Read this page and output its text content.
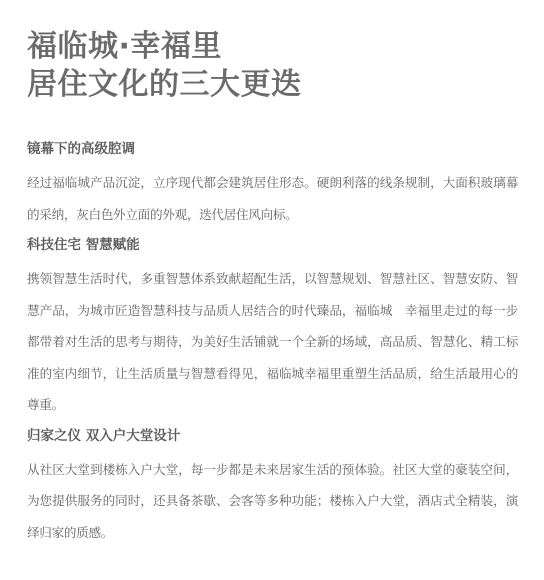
福临城·幸福里
居住文化的三大更迭
镜幕下的高级腔调
经过福临城产品沉淀，立序现代都会建筑居住形态。硬朗利落的线条规制，大面积玻璃幕的采纳，灰白色外立面的外观，迭代居住风向标。
科技住宅 智慧赋能
携领智慧生活时代，多重智慧体系致献超配生活，以智慧规划、智慧社区、智慧安防、智慧产品，为城市匠造智慧科技与品质人居结合的时代臻品，福临城　幸福里走过的每一步都带着对生活的思考与期待，为美好生活铺就一个全新的场域，高品质、智慧化、精工标准的室内细节，让生活质量与智慧看得见，福临城幸福里重塑生活品质，给生活最用心的尊重。
归家之仪 双入户大堂设计
从社区大堂到楼栋入户大堂，每一步都是未来居家生活的预体验。社区大堂的豪装空间，为您提供服务的同时，还具备茶歇、会客等多种功能；楼栋入户大堂，酒店式全精装，演绎归家的质感。
